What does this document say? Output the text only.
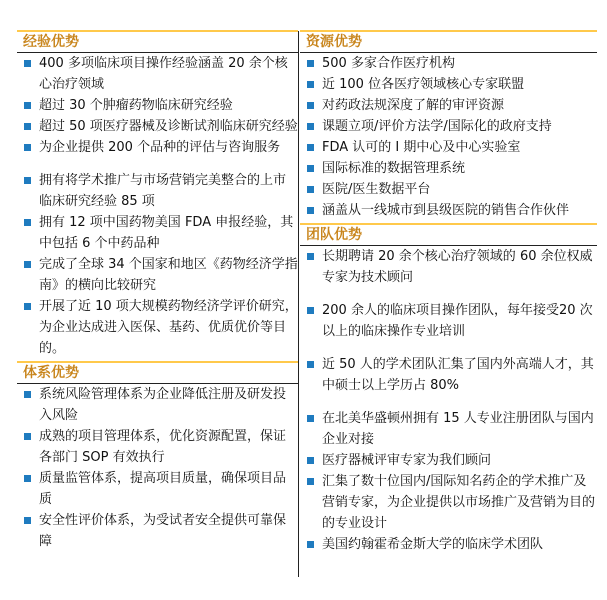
经验优势
400 多项临床项目操作经验涵盖 20 余个核心治疗领域
超过 30 个肿瘤药物临床研究经验
超过 50 项医疗器械及诊断试剂临床研究经验
为企业提供 200 个品种的评估与咨询服务
拥有将学术推广与市场营销完美整合的上市临床研究经验 85 项
拥有 12 项中国药物美国 FDA 申报经验，其中包括 6 个中药品种
完成了全球 34 个国家和地区《药物经济学指南》的横向比较研究
开展了近 10 项大规模药物经济学评价研究，为企业达成进入医保、基药、优质优价等目的。
体系优势
系统风险管理体系为企业降低注册及研发投入风险
成熟的项目管理体系，优化资源配置，保证各部门 SOP 有效执行
质量监管体系，提高项目质量，确保项目品质
安全性评价体系，为受试者安全提供可靠保障
资源优势
500 多家合作医疗机构
近 100 位各医疗领域核心专家联盟
对药政法规深度了解的审评资源
课题立项/评价方法学/国际化的政府支持
FDA 认可的 I 期中心及中心实验室
国际标准的数据管理系统
医院/医生数据平台
涵盖从一线城市到县级医院的销售合作伙伴
团队优势
长期聘请 20 余个核心治疗领域的 60 余位权威专家为技术顾问
200 余人的临床项目操作团队，每年接受20 次以上的临床操作专业培训
近 50 人的学术团队汇集了国内外高端人才，其中硕士以上学历占 80%
在北美华盛顿州拥有 15 人专业注册团队与国内企业对接
医疗器械评审专家为我们顾问
汇集了数十位国内/国际知名药企的学术推广及营销专家，为企业提供以市场推广及营销为目的的专业设计
美国约翰霍希金斯大学的临床学术团队
